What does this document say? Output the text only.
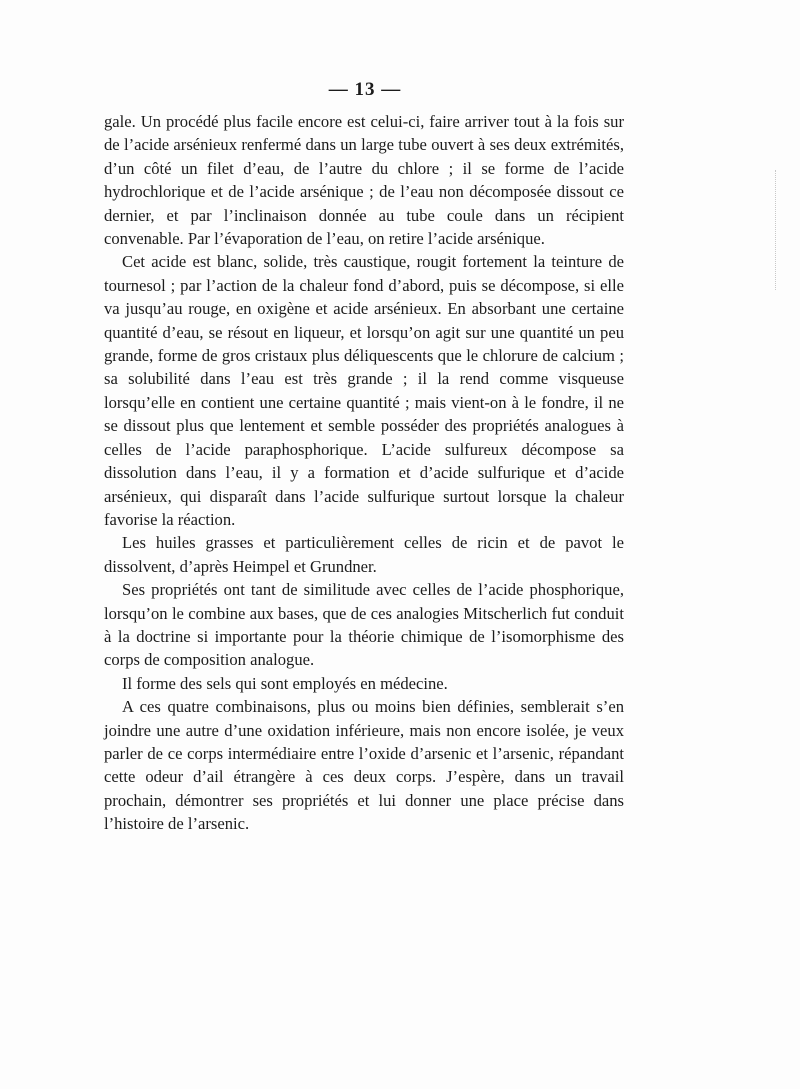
— 13 —

gale. Un procédé plus facile encore est celui-ci, faire arriver tout à la fois sur de l’acide arsénieux renfermé dans un large tube ouvert à ses deux extrémités, d’un côté un filet d’eau, de l’autre du chlore ; il se forme de l’acide hydrochlorique et de l’acide arsénique ; de l’eau non décomposée dissout ce dernier, et par l’inclinaison donnée au tube coule dans un récipient convenable. Par l’évaporation de l’eau, on retire l’acide arsénique.

Cet acide est blanc, solide, très caustique, rougit fortement la teinture de tournesol ; par l’action de la chaleur fond d’abord, puis se décompose, si elle va jusqu’au rouge, en oxigène et acide arsénieux. En absorbant une certaine quantité d’eau, se résout en liqueur, et lorsqu’on agit sur une quantité un peu grande, forme de gros cristaux plus déliquescents que le chlorure de calcium ; sa solubilité dans l’eau est très grande ; il la rend comme visqueuse lorsqu’elle en contient une certaine quantité ; mais vient-on à le fondre, il ne se dissout plus que lentement et semble posséder des propriétés analogues à celles de l’acide paraphosphorique. L’acide sulfureux décompose sa dissolution dans l’eau, il y a formation et d’acide sulfurique et d’acide arsénieux, qui disparaît dans l’acide sulfurique surtout lorsque la chaleur favorise la réaction.

Les huiles grasses et particulièrement celles de ricin et de pavot le dissolvent, d’après Heimpel et Grundner.

Ses propriétés ont tant de similitude avec celles de l’acide phosphorique, lorsqu’on le combine aux bases, que de ces analogies Mitscherlich fut conduit à la doctrine si importante pour la théorie chimique de l’isomorphisme des corps de composition analogue.

Il forme des sels qui sont employés en médecine.

A ces quatre combinaisons, plus ou moins bien définies, semblerait s’en joindre une autre d’une oxidation inférieure, mais non encore isolée, je veux parler de ce corps intermédiaire entre l’oxide d’arsenic et l’arsenic, répandant cette odeur d’ail étrangère à ces deux corps. J’espère, dans un travail prochain, démontrer ses propriétés et lui donner une place précise dans l’histoire de l’arsenic.
